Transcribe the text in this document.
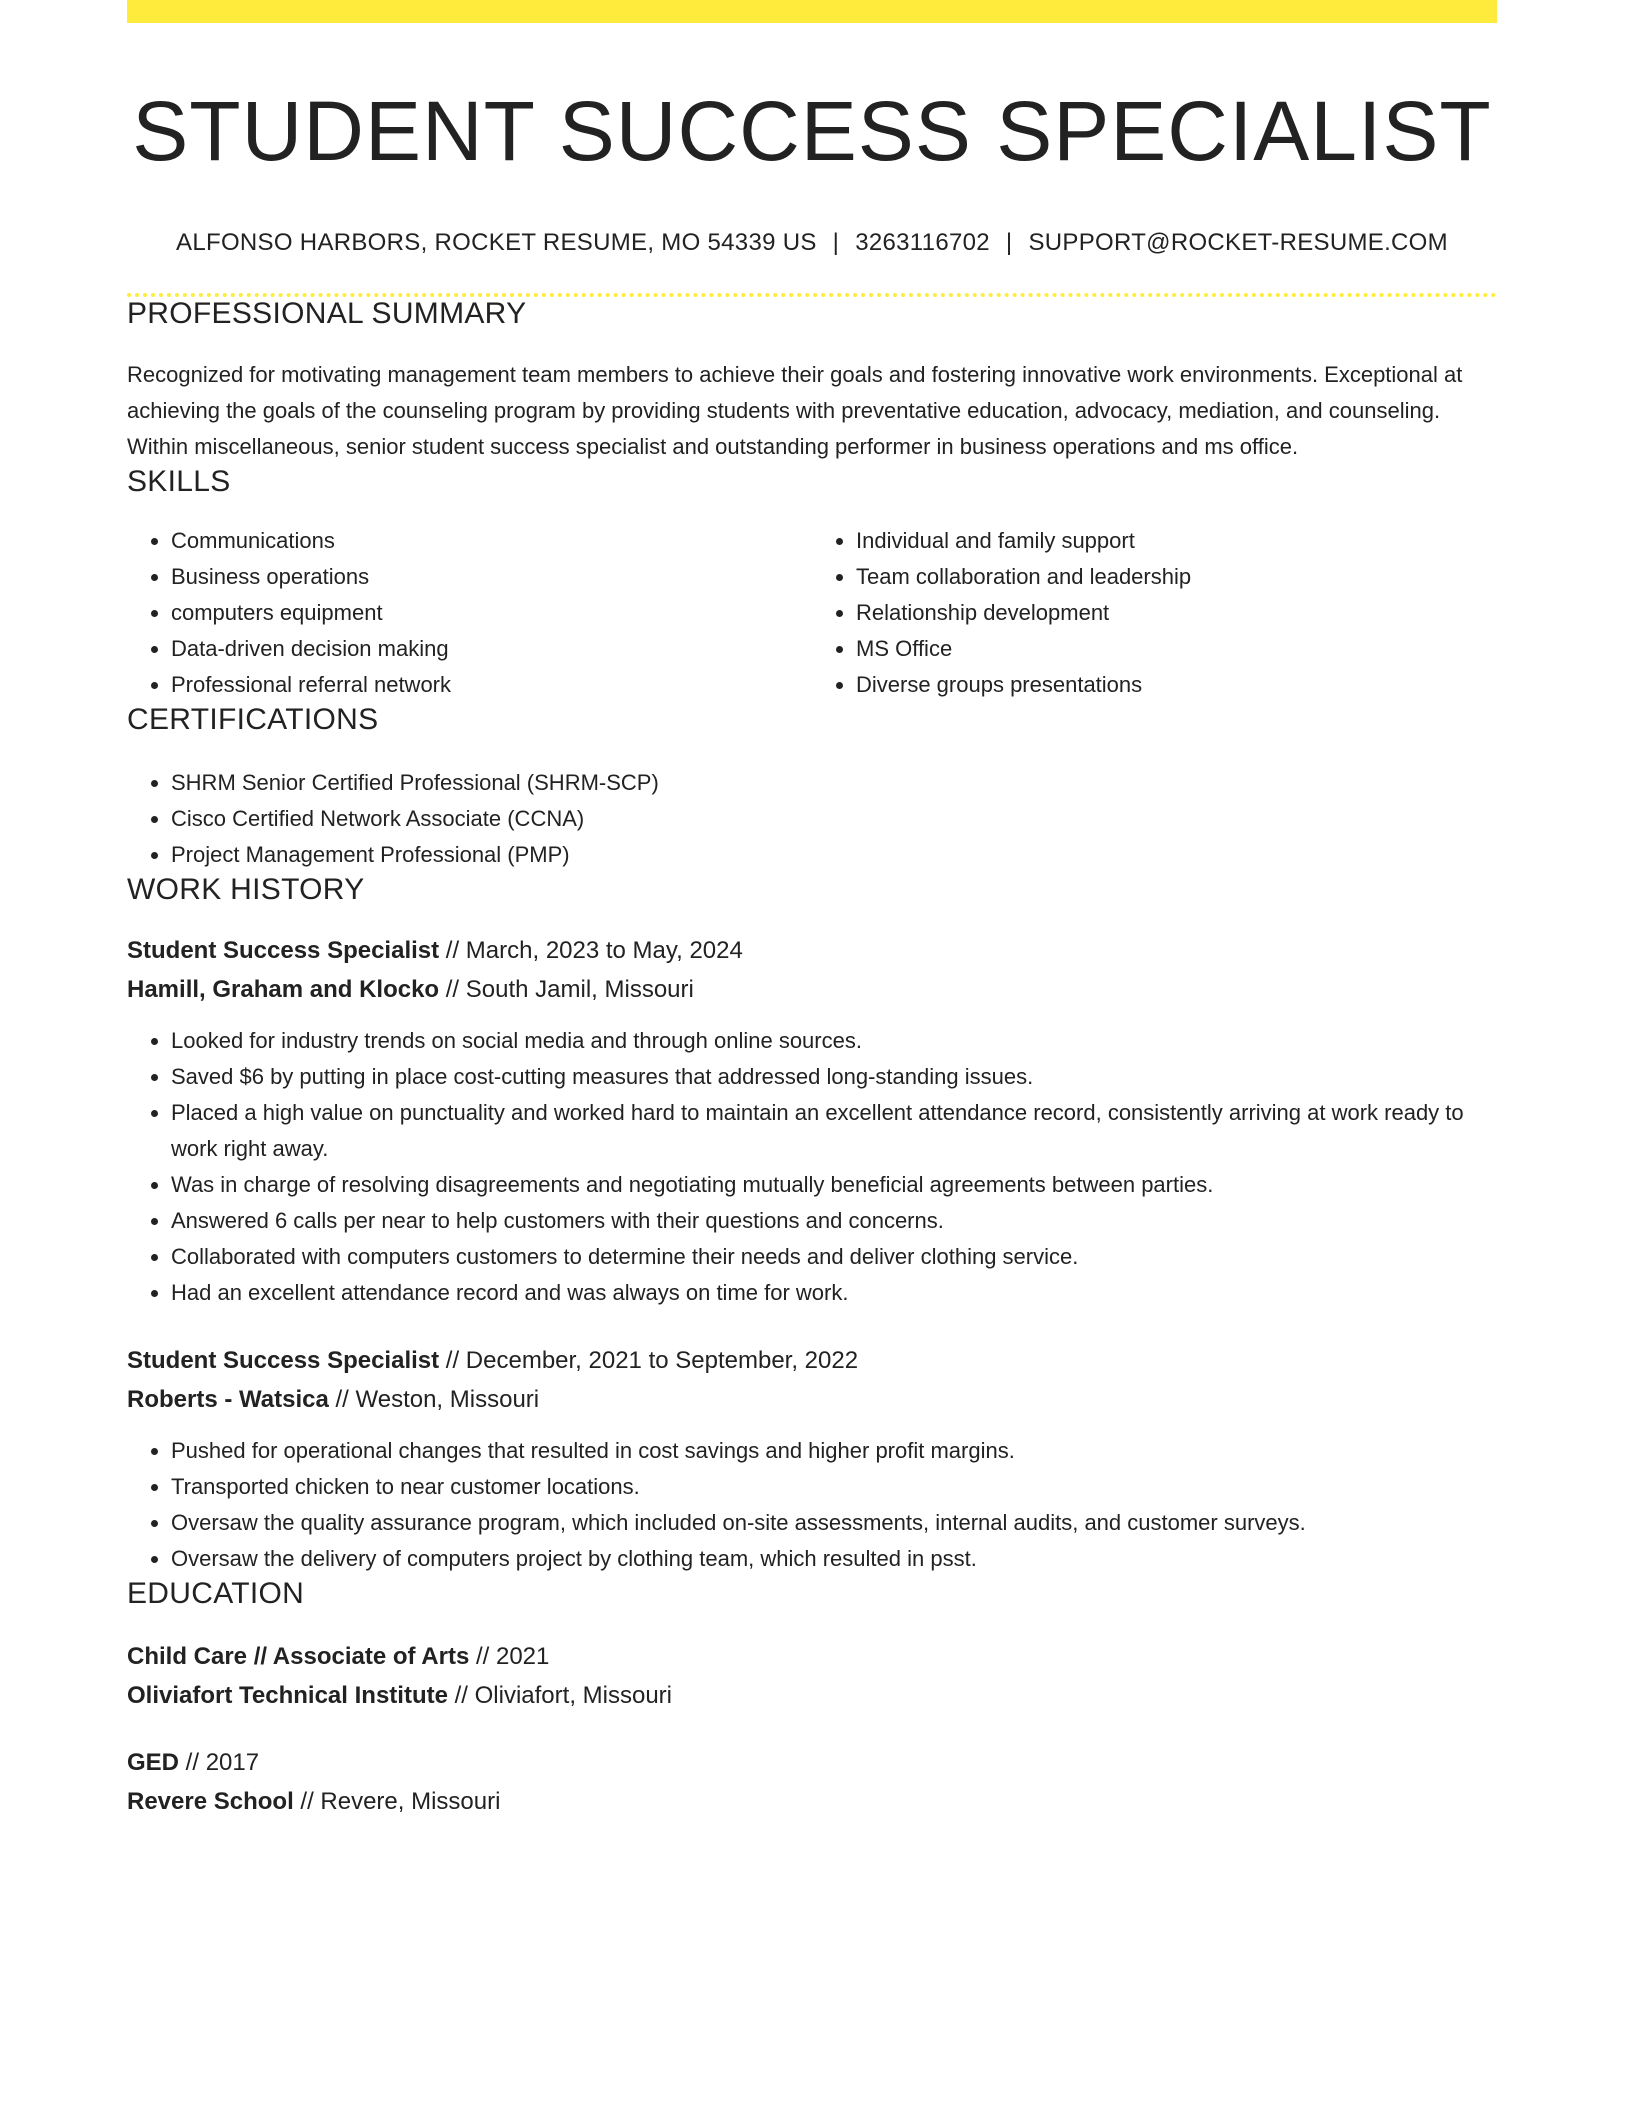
STUDENT SUCCESS SPECIALIST
ALFONSO HARBORS, ROCKET RESUME, MO 54339 US | 3263116702 | SUPPORT@ROCKET-RESUME.COM
PROFESSIONAL SUMMARY

Recognized for motivating management team members to achieve their goals and fostering innovative work environments. Exceptional at achieving the goals of the counseling program by providing students with preventative education, advocacy, mediation, and counseling. Within miscellaneous, senior student success specialist and outstanding performer in business operations and ms office.

SKILLS
• Communications
• Business operations
• computers equipment
• Data-driven decision making
• Professional referral network
• Individual and family support
• Team collaboration and leadership
• Relationship development
• MS Office
• Diverse groups presentations
CERTIFICATIONS
• SHRM Senior Certified Professional (SHRM-SCP)
• Cisco Certified Network Associate (CCNA)
• Project Management Professional (PMP)
WORK HISTORY
Student Success Specialist // March, 2023 to May, 2024
Hamill, Graham and Klocko // South Jamil, Missouri
• Looked for industry trends on social media and through online sources.
• Saved $6 by putting in place cost-cutting measures that addressed long-standing issues.
• Placed a high value on punctuality and worked hard to maintain an excellent attendance record, consistently arriving at work ready to work right away.
• Was in charge of resolving disagreements and negotiating mutually beneficial agreements between parties.
• Answered 6 calls per near to help customers with their questions and concerns.
• Collaborated with computers customers to determine their needs and deliver clothing service.
• Had an excellent attendance record and was always on time for work.
Student Success Specialist // December, 2021 to September, 2022
Roberts - Watsica // Weston, Missouri
• Pushed for operational changes that resulted in cost savings and higher profit margins.
• Transported chicken to near customer locations.
• Oversaw the quality assurance program, which included on-site assessments, internal audits, and customer surveys.
• Oversaw the delivery of computers project by clothing team, which resulted in psst.
EDUCATION
Child Care // Associate of Arts // 2021
Oliviafort Technical Institute // Oliviafort, Missouri
GED // 2017
Revere School // Revere, Missouri
